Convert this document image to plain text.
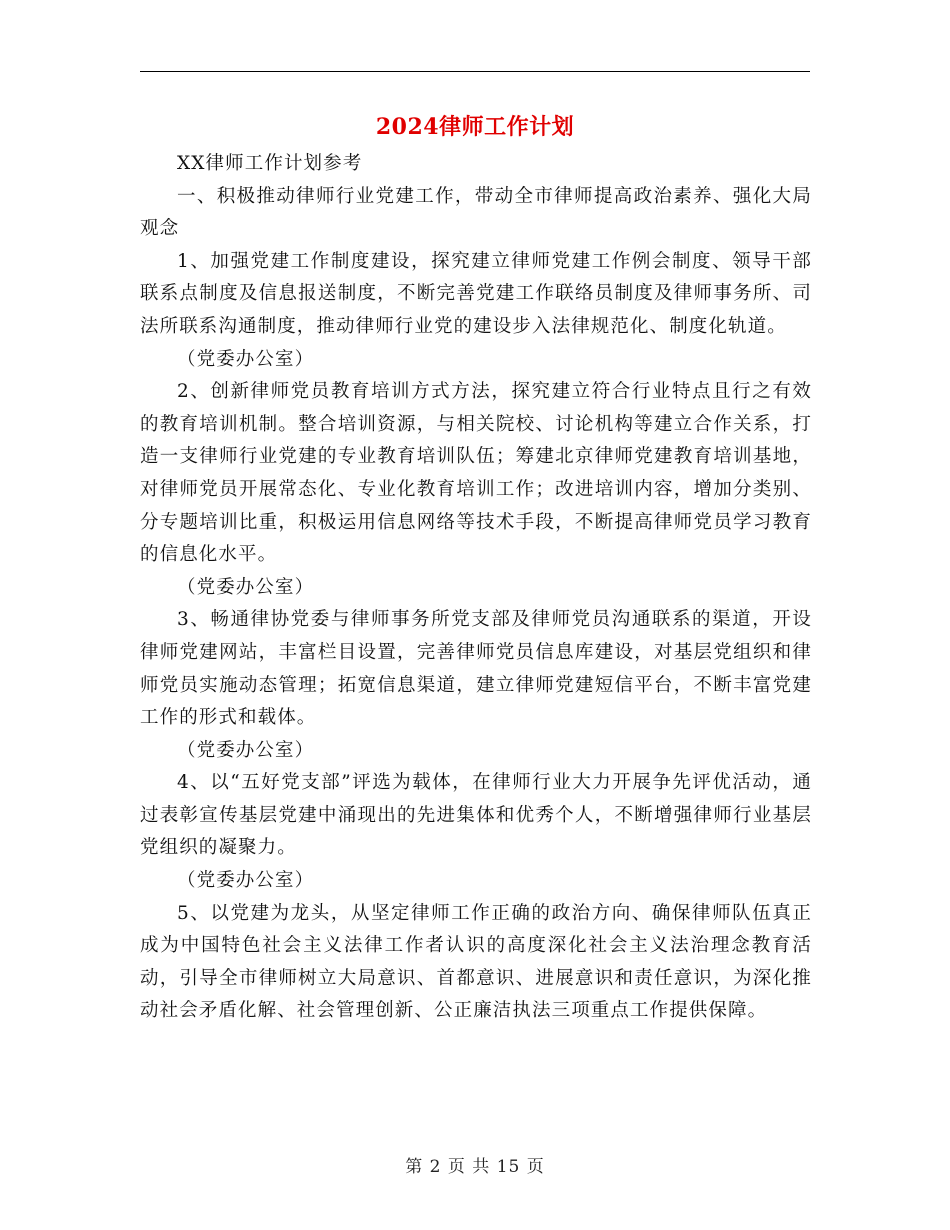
2024律师工作计划

XX律师工作计划参考

一、积极推动律师行业党建工作，带动全市律师提高政治素养、强化大局观念

1、加强党建工作制度建设，探究建立律师党建工作例会制度、领导干部联系点制度及信息报送制度，不断完善党建工作联络员制度及律师事务所、司法所联系沟通制度，推动律师行业党的建设步入法律规范化、制度化轨道。

（党委办公室）

2、创新律师党员教育培训方式方法，探究建立符合行业特点且行之有效的教育培训机制。整合培训资源，与相关院校、讨论机构等建立合作关系，打造一支律师行业党建的专业教育培训队伍；筹建北京律师党建教育培训基地，对律师党员开展常态化、专业化教育培训工作；改进培训内容，增加分类别、分专题培训比重，积极运用信息网络等技术手段，不断提高律师党员学习教育的信息化水平。

（党委办公室）

3、畅通律协党委与律师事务所党支部及律师党员沟通联系的渠道，开设律师党建网站，丰富栏目设置，完善律师党员信息库建设，对基层党组织和律师党员实施动态管理；拓宽信息渠道，建立律师党建短信平台，不断丰富党建工作的形式和载体。

（党委办公室）

4、以“五好党支部”评选为载体，在律师行业大力开展争先评优活动，通过表彰宣传基层党建中涌现出的先进集体和优秀个人，不断增强律师行业基层党组织的凝聚力。

（党委办公室）

5、以党建为龙头，从坚定律师工作正确的政治方向、确保律师队伍真正成为中国特色社会主义法律工作者认识的高度深化社会主义法治理念教育活动，引导全市律师树立大局意识、首都意识、进展意识和责任意识，为深化推动社会矛盾化解、社会管理创新、公正廉洁执法三项重点工作提供保障。

第 2 页 共 15 页
